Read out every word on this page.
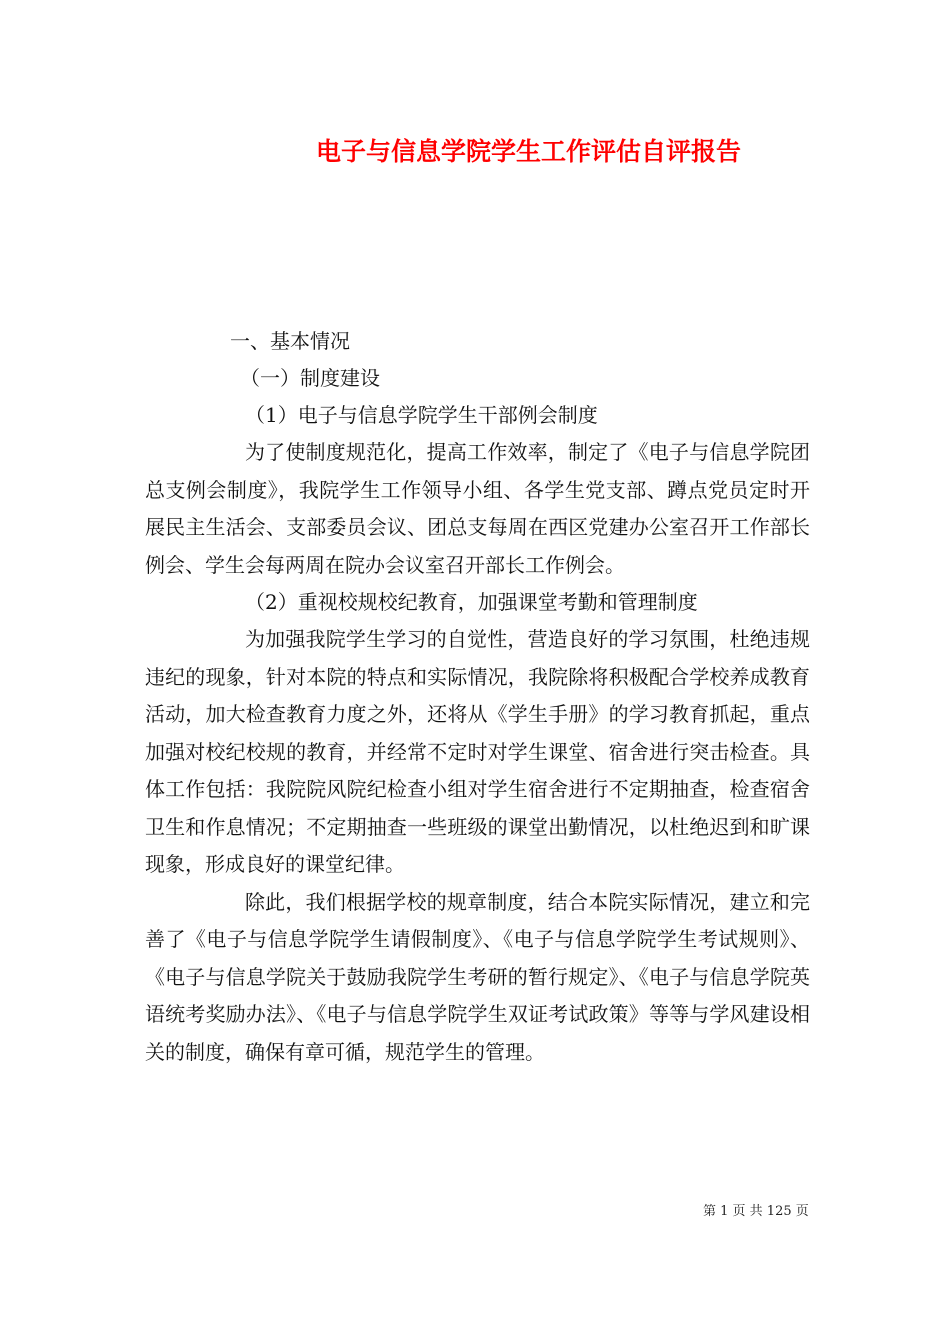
电子与信息学院学生工作评估自评报告

一、基本情况

（一）制度建设

（1）电子与信息学院学生干部例会制度

为了使制度规范化，提高工作效率，制定了《电子与信息学院团总支例会制度》，我院学生工作领导小组、各学生党支部、蹲点党员定时开展民主生活会、支部委员会议、团总支每周在西区党建办公室召开工作部长例会、学生会每两周在院办会议室召开部长工作例会。

（2）重视校规校纪教育，加强课堂考勤和管理制度

为加强我院学生学习的自觉性，营造良好的学习氛围，杜绝违规违纪的现象，针对本院的特点和实际情况，我院除将积极配合学校养成教育活动，加大检查教育力度之外，还将从《学生手册》的学习教育抓起，重点加强对校纪校规的教育，并经常不定时对学生课堂、宿舍进行突击检查。具体工作包括：我院院风院纪检查小组对学生宿舍进行不定期抽查，检查宿舍卫生和作息情况；不定期抽查一些班级的课堂出勤情况，以杜绝迟到和旷课现象，形成良好的课堂纪律。

除此，我们根据学校的规章制度，结合本院实际情况，建立和完善了《电子与信息学院学生请假制度》、《电子与信息学院学生考试规则》、《电子与信息学院关于鼓励我院学生考研的暂行规定》、《电子与信息学院英语统考奖励办法》、《电子与信息学院学生双证考试政策》等等与学风建设相关的制度，确保有章可循，规范学生的管理。

第 1 页 共 125 页
